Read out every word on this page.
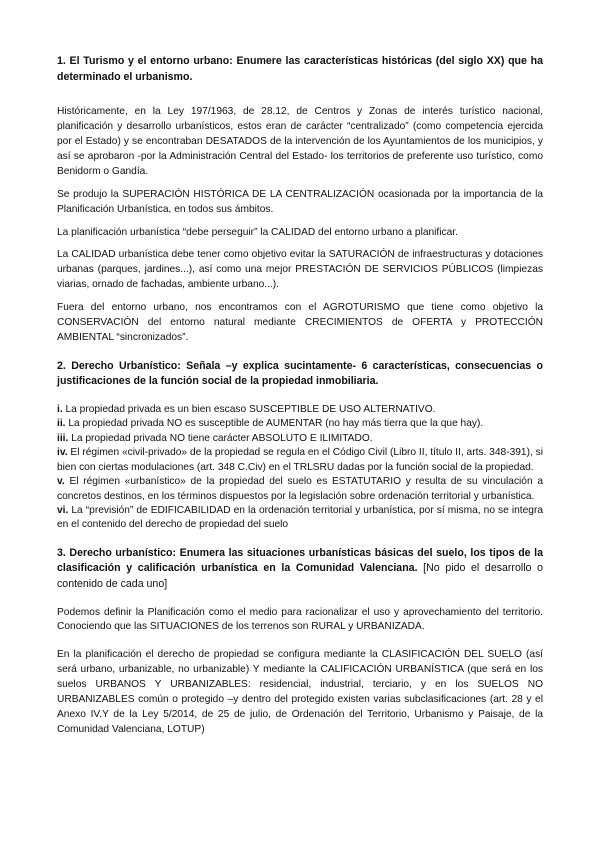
1. El Turismo y el entorno urbano: Enumere las características históricas (del siglo XX) que ha determinado el urbanismo.

Históricamente, en la Ley 197/1963, de 28.12, de Centros y Zonas de interés turístico nacional, planificación y desarrollo urbanísticos, estos eran de carácter “centralizado” (como competencia ejercida por el Estado) y se encontraban DESATADOS de la intervención de los Ayuntamientos de los municipios, y así se aprobaron -por la Administración Central del Estado- los territorios de preferente uso turístico, como Benidorm o Gandía.

Se produjo la SUPERACIÓN HISTÓRICA DE LA CENTRALIZACIÓN ocasionada por la importancia de la Planificación Urbanística, en todos sus ámbitos.

La planificación urbanística “debe perseguir” la CALIDAD del entorno urbano a planificar.

La CALIDAD urbanística debe tener como objetivo evitar la SATURACIÓN de infraestructuras y dotaciones urbanas (parques, jardines...), así como una mejor PRESTACIÓN DE SERVICIOS PÚBLICOS (limpiezas viarias, ornado de fachadas, ambiente urbano...).

Fuera del entorno urbano, nos encontramos con el AGROTURISMO que tiene como objetivo la CONSERVACIÓN del entorno natural mediante CRECIMIENTOS de OFERTA y PROTECCIÓN AMBIENTAL “sincronizados”.

2. Derecho Urbanístico: Señala –y explica sucintamente- 6 características, consecuencias o justificaciones de la función social de la propiedad inmobiliaria.

i. La propiedad privada es un bien escaso SUSCEPTIBLE DE USO ALTERNATIVO.

ii. La propiedad privada NO es susceptible de AUMENTAR (no hay más tierra que la que hay).

iii. La propiedad privada NO tiene carácter ABSOLUTO E ILIMITADO.

iv. El régimen «civil-privado» de la propiedad se regula en el Código Civil (Libro II, título II, arts. 348-391), si bien con ciertas modulaciones (art. 348 C.Civ) en el TRLSRU dadas por la función social de la propiedad.

v. El régimen «urbanístico» de la propiedad del suelo es ESTATUTARIO y resulta de su vinculación a concretos destinos, en los términos dispuestos por la legislación sobre ordenación territorial y urbanística.

vi. La “previsión” de EDIFICABILIDAD en la ordenación territorial y urbanística, por sí misma, no se integra en el contenido del derecho de propiedad del suelo

3. Derecho urbanístico: Enumera las situaciones urbanísticas básicas del suelo, los tipos de la clasificación y calificación urbanística en la Comunidad Valenciana. [No pido el desarrollo o contenido de cada uno]

Podemos definir la Planificación como el medio para racionalizar el uso y aprovechamiento del territorio. Conociendo que las SITUACIONES de los terrenos son RURAL y URBANIZADA.

En la planificación el derecho de propiedad se configura mediante la CLASIFICACIÓN DEL SUELO (así será urbano, urbanizable, no urbanizable) Y mediante la CALIFICACIÓN URBANÍSTICA (que será en los suelos URBANOS Y URBANIZABLES: residencial, industrial, terciario, y en los SUELOS NO URBANIZABLES común o protegido –y dentro del protegido existen varias subclasificaciones (art. 28 y el Anexo IV.Y de la Ley 5/2014, de 25 de julio, de Ordenación del Territorio, Urbanismo y Paisaje, de la Comunidad Valenciana, LOTUP)
